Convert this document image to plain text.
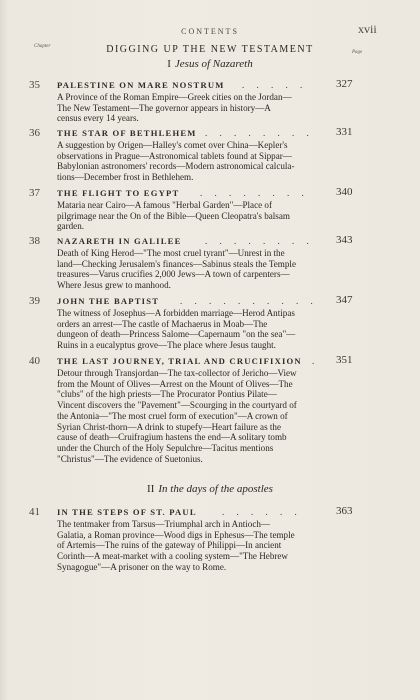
CONTENTS	xvii
Chapter
Page
DIGGING UP THE NEW TESTAMENT
I Jesus of Nazareth
35 PALESTINE ON MARE NOSTRUM . . . . .	327
A Province of the Roman Empire—Greek cities on the Jordan—
The New Testament—The governor appears in history—A
census every 14 years.
36 THE STAR OF BETHLEHEM . . . . . . . . 331
A suggestion by Origen—Halley's comet over China—Kepler's
observations in Prague—Astronomical tablets found at Sippar—
Babylonian astronomers' records—Modern astronomical calcula-
tions—December frost in Bethlehem.
37 THE FLIGHT TO EGYPT . . . . . . . . 340
Mataria near Cairo—A famous "Herbal Garden"—Place of
pilgrimage near the On of the Bible—Queen Cleopatra's balsam
garden.
38 NAZARETH IN GALILEE	. . . . . . . . 343
Death of King Herod—"The most cruel tyrant"—Unrest in the
land—Checking Jerusalem's finances—Sabinus steals the Temple
treasures—Varus crucifies 2,000 Jews—A town of carpenters—
Where Jesus grew to manhood.
39 JOHN THE BAPTIST . . . . . . . . . . 347
The witness of Josephus—A forbidden marriage—Herod Antipas
orders an arrest—The castle of Machaerus in Moab—The
dungeon of death—Princess Salome—Capernaum "on the sea"—
Ruins in a eucalyptus grove—The place where Jesus taught.
40 THE LAST JOURNEY, TRIAL AND CRUCIFIXION . 351
Detour through Transjordan—The tax-collector of Jericho—View
from the Mount of Olives—Arrest on the Mount of Olives—The
"clubs" of the high priests—The Procurator Pontius Pilate—
Vincent discovers the "Pavement"—Scourging in the courtyard of
the Antonia—"The most cruel form of execution"—A crown of
Syrian Christ-thorn—A drink to stupefy—Heart failure as the
cause of death—Cruifragium hastens the end—A solitary tomb
under the Church of the Holy Sepulchre—Tacitus mentions
"Christus"—The evidence of Suetonius.
II In the days of the apostles
41 IN THE STEPS OF ST. PAUL	. . . . . .	363
The tentmaker from Tarsus—Triumphal arch in Antioch—
Galatia, a Roman province—Wood digs in Ephesus—The temple
of Artemis—The ruins of the gateway of Philippi—In ancient
Corinth—A meat-market with a cooling system—"The Hebrew
Synagogue"—A prisoner on the way to Rome.
